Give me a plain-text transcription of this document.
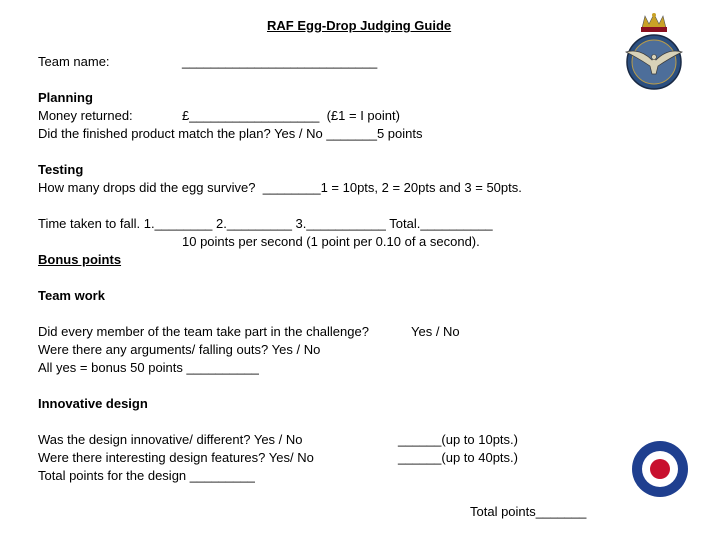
RAF Egg-Drop Judging Guide
Team name:	___________________________
Planning
Money returned:	£__________________  (£1 = I point)
Did the finished product match the plan? Yes / No _______5 points
Testing
How many drops did the egg survive?  ________1 = 10pts, 2 = 20pts and 3 = 50pts.
Time taken to fall. 1.________ 2._________ 3.___________ Total.__________
10 points per second (1 point per 0.10 of a second).
Bonus points
Team work
Did every member of the team take part in the challenge?	Yes / No
Were there any arguments/ falling outs? Yes / No
All yes = bonus 50 points __________
Innovative design
Was the design innovative/ different? Yes / No	______(up to 10pts.)
Were there interesting design features? Yes/ No	______(up to 40pts.)
Total points for the design _________
Total points_______
